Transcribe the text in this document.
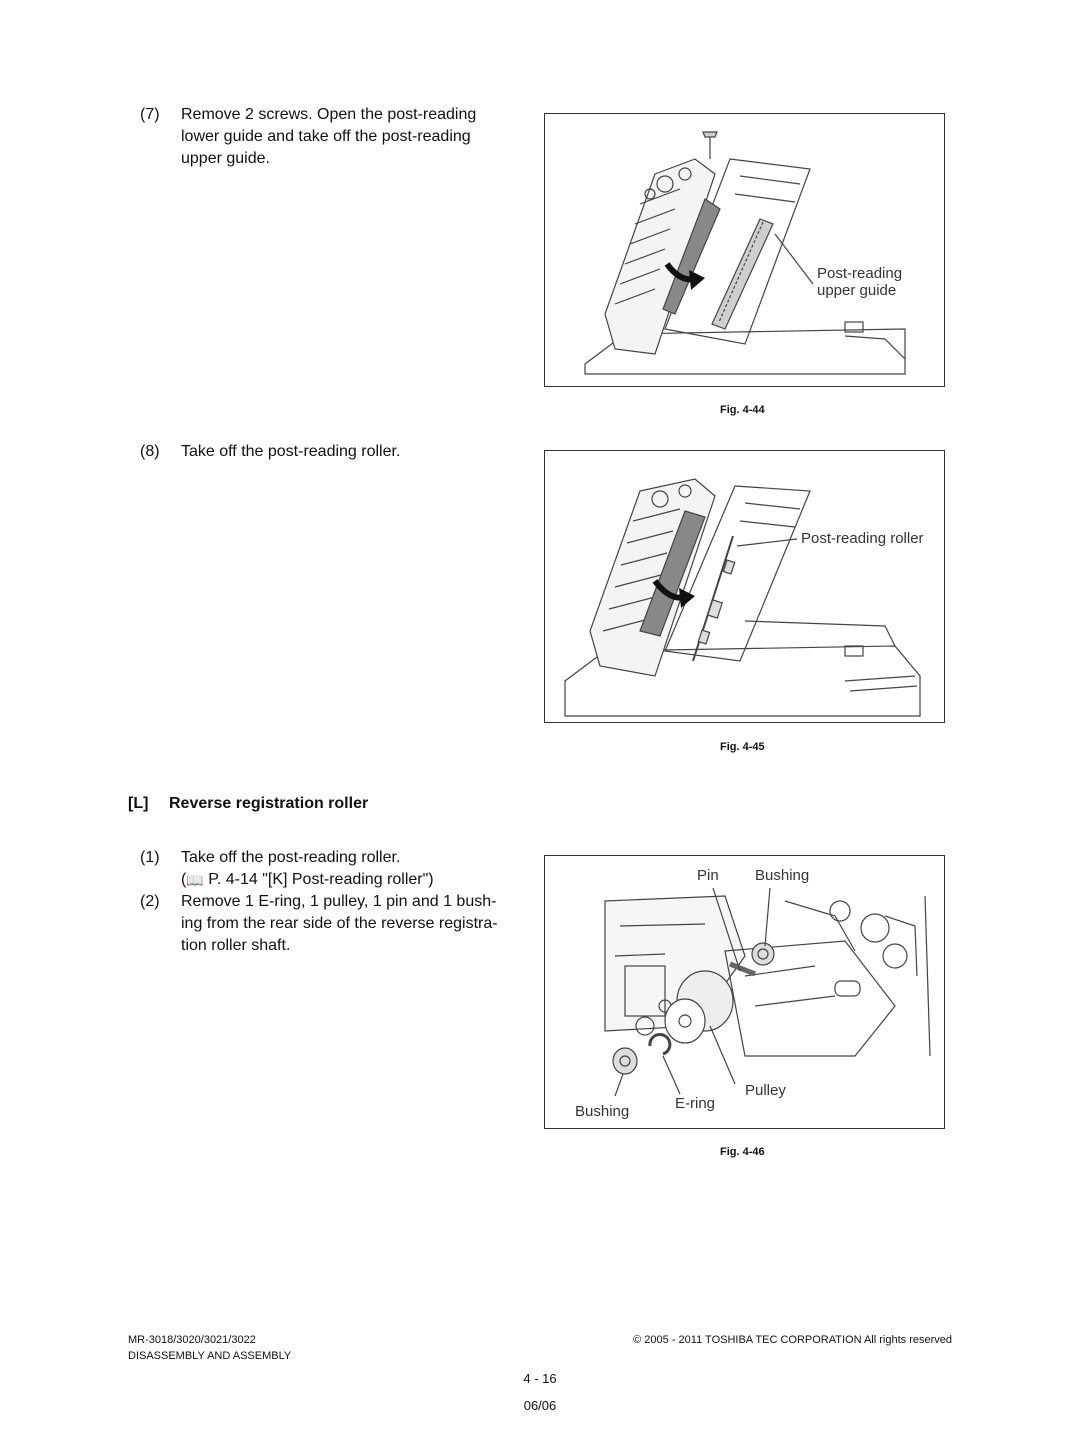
(7) Remove 2 screws. Open the post-reading
lower guide and take off the post-reading
upper guide.
Post-reading
upper guide
Fig. 4-44
(8) Take off the post-reading roller.
Post-reading roller
Fig. 4-45
[L] Reverse registration roller
(1) Take off the post-reading roller.
(📖 P. 4-14 "[K] Post-reading roller")
(2) Remove 1 E-ring, 1 pulley, 1 pin and 1 bush-
ing from the rear side of the reverse registra-
tion roller shaft.
Pin Bushing
Pulley
E-ring
Bushing
Fig. 4-46
MR-3018/3020/3021/3022
DISASSEMBLY AND ASSEMBLY
© 2005 - 2011 TOSHIBA TEC CORPORATION All rights reserved
4 - 16
06/06
